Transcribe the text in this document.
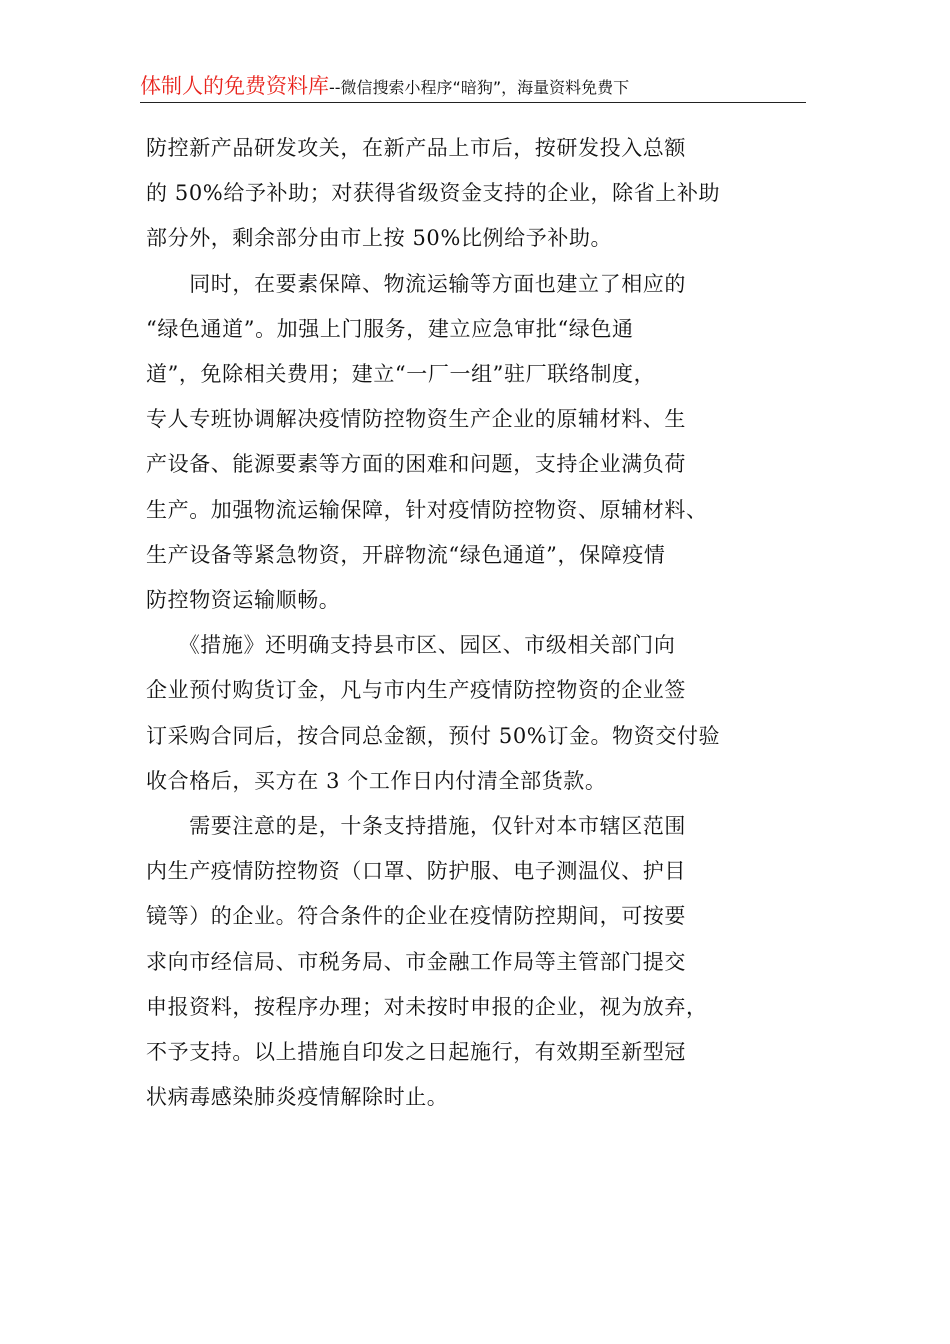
体制人的免费资料库--微信搜索小程序“暗狗”，海量资料免费下

防控新产品研发攻关，在新产品上市后，按研发投入总额
的 50%给予补助；对获得省级资金支持的企业，除省上补助
部分外，剩余部分由市上按 50%比例给予补助。

　　同时，在要素保障、物流运输等方面也建立了相应的
“绿色通道”。加强上门服务，建立应急审批“绿色通
道”，免除相关费用；建立“一厂一组”驻厂联络制度，
专人专班协调解决疫情防控物资生产企业的原辅材料、生
产设备、能源要素等方面的困难和问题，支持企业满负荷
生产。加强物流运输保障，针对疫情防控物资、原辅材料、
生产设备等紧急物资，开辟物流“绿色通道”，保障疫情
防控物资运输顺畅。

　　《措施》还明确支持县市区、园区、市级相关部门向
企业预付购货订金，凡与市内生产疫情防控物资的企业签
订采购合同后，按合同总金额，预付 50%订金。物资交付验
收合格后，买方在 3 个工作日内付清全部货款。

　　需要注意的是，十条支持措施，仅针对本市辖区范围
内生产疫情防控物资（口罩、防护服、电子测温仪、护目
镜等）的企业。符合条件的企业在疫情防控期间，可按要
求向市经信局、市税务局、市金融工作局等主管部门提交
申报资料，按程序办理；对未按时申报的企业，视为放弃，
不予支持。以上措施自印发之日起施行，有效期至新型冠
状病毒感染肺炎疫情解除时止。
